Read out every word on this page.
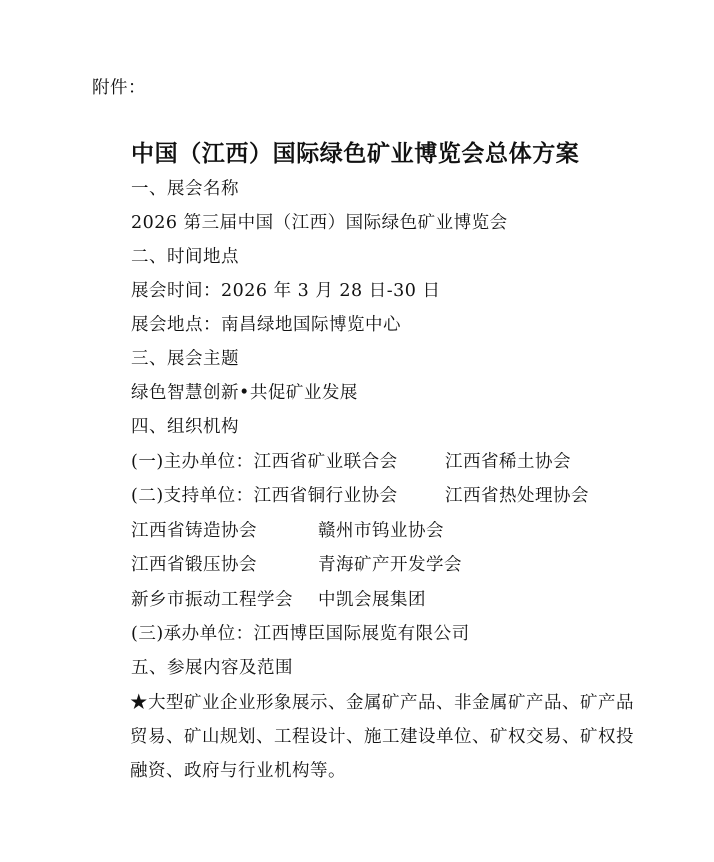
附件：
中国（江西）国际绿色矿业博览会总体方案
一、展会名称
2026 第三届中国（江西）国际绿色矿业博览会
二、时间地点
展会时间：2026 年 3 月 28 日-30 日
展会地点：南昌绿地国际博览中心
三、展会主题
绿色智慧创新•共促矿业发展
四、组织机构
(一)主办单位：江西省矿业联合会	江西省稀土协会
(二)支持单位：江西省铜行业协会	江西省热处理协会
江西省铸造协会	赣州市钨业协会
江西省锻压协会	青海矿产开发学会
新乡市振动工程学会 中凯会展集团
(三)承办单位：江西博臣国际展览有限公司
五、参展内容及范围
★大型矿业企业形象展示、金属矿产品、非金属矿产品、矿产品贸易、矿山规划、工程设计、施工建设单位、矿权交易、矿权投融资、政府与行业机构等。
